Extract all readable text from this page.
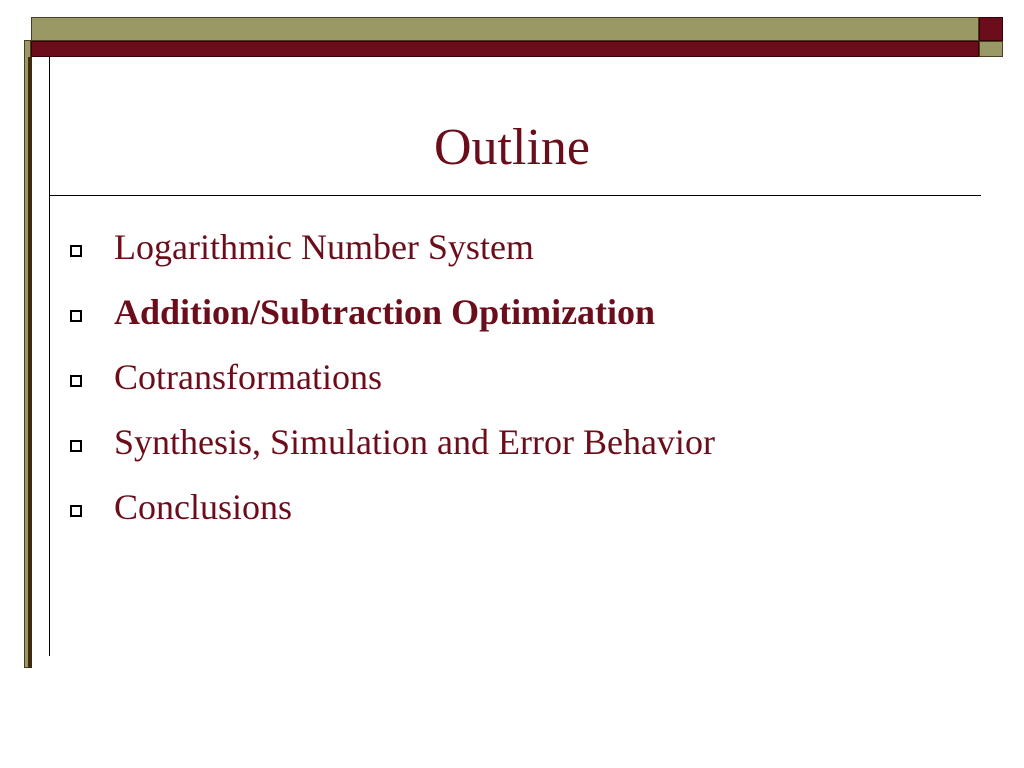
Outline
Logarithmic Number System
Addition/Subtraction Optimization
Cotransformations
Synthesis, Simulation and Error Behavior
Conclusions
